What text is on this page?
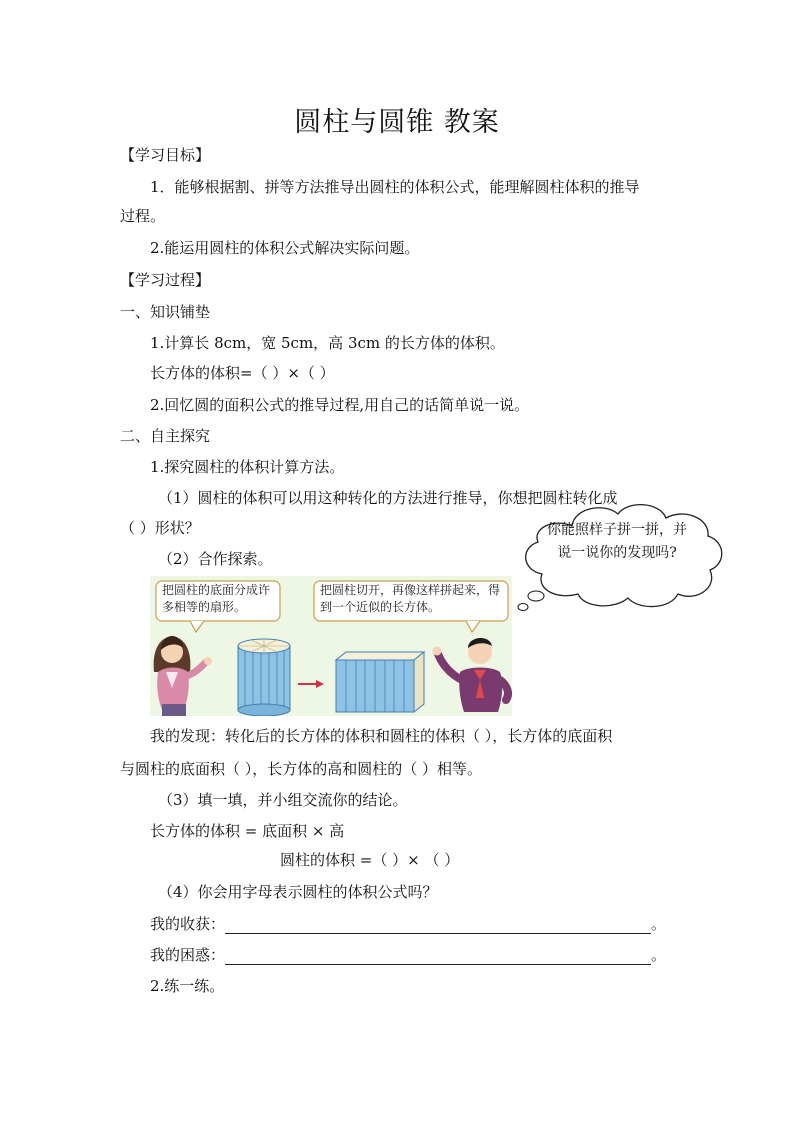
圆柱与圆锥 教案
【学习目标】
1．能够根据割、拼等方法推导出圆柱的体积公式，能理解圆柱体积的推导
过程。
2.能运用圆柱的体积公式解决实际问题。
【学习过程】
一、知识铺垫
1.计算长 8cm，宽 5cm，高 3cm 的长方体的体积。
长方体的体积=（ ）×（ ）
2.回忆圆的面积公式的推导过程,用自己的话简单说一说。
二、自主探究
1.探究圆柱的体积计算方法。
（1）圆柱的体积可以用这种转化的方法进行推导，你想把圆柱转化成
（ ）形状？
（2）合作探索。
你能照样子拼一拼，并说一说你的发现吗?
把圆柱的底面分成许多相等的扇形。
把圆柱切开，再像这样拼起来，得到一个近似的长方体。
我的发现：转化后的长方体的体积和圆柱的体积（ ），长方体的底面积
与圆柱的底面积（ ），长方体的高和圆柱的（ ）相等。
（3）填一填，并小组交流你的结论。
长方体的体积 = 底面积 × 高
圆柱的体积 =（ ）× （ ）
（4）你会用字母表示圆柱的体积公式吗？
我的收获：	。
我的困惑：	。
2.练一练。
